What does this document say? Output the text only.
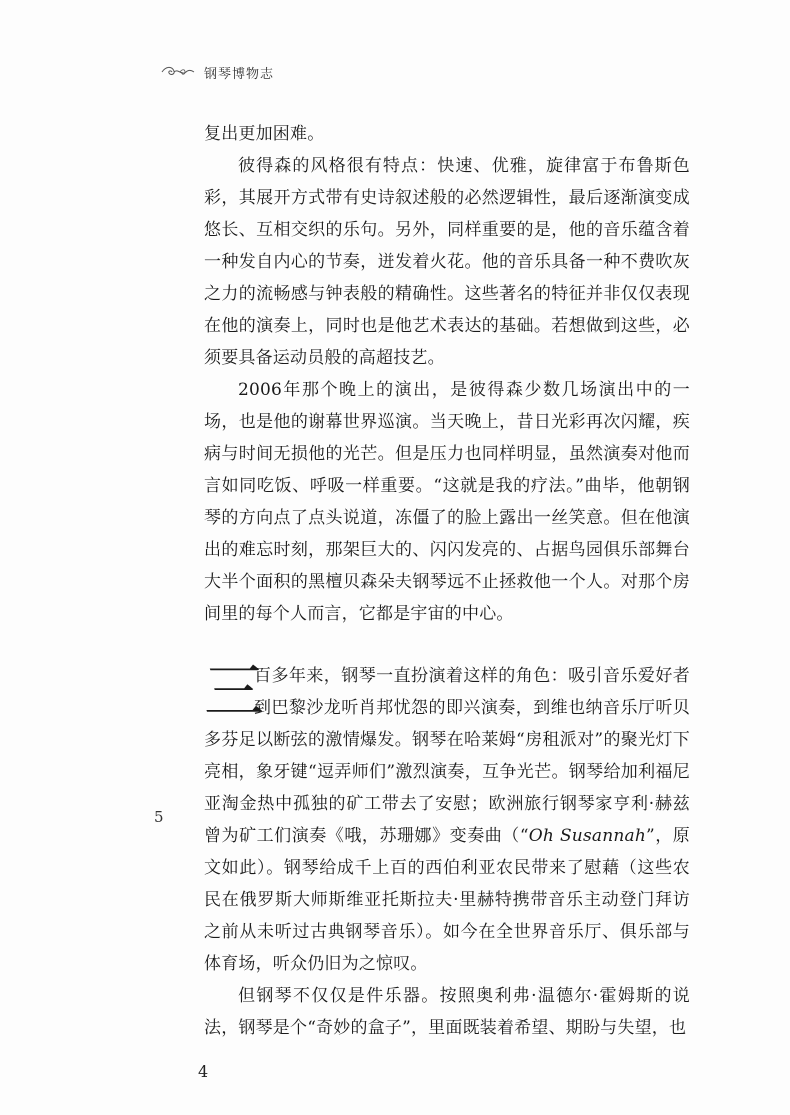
钢琴博物志

复出更加困难。

彼得森的风格很有特点：快速、优雅，旋律富于布鲁斯色彩，其展开方式带有史诗叙述般的必然逻辑性，最后逐渐演变成悠长、互相交织的乐句。另外，同样重要的是，他的音乐蕴含着一种发自内心的节奏，迸发着火花。他的音乐具备一种不费吹灰之力的流畅感与钟表般的精确性。这些著名的特征并非仅仅表现在他的演奏上，同时也是他艺术表达的基础。若想做到这些，必须要具备运动员般的高超技艺。

2006年那个晚上的演出，是彼得森少数几场演出中的一场，也是他的谢幕世界巡演。当天晚上，昔日光彩再次闪耀，疾病与时间无损他的光芒。但是压力也同样明显，虽然演奏对他而言如同吃饭、呼吸一样重要。“这就是我的疗法。”曲毕，他朝钢琴的方向点了点头说道，冻僵了的脸上露出一丝笑意。但在他演出的难忘时刻，那架巨大的、闪闪发亮的、占据鸟园俱乐部舞台大半个面积的黑檀贝森朵夫钢琴远不止拯救他一个人。对那个房间里的每个人而言，它都是宇宙的中心。

三
百多年来，钢琴一直扮演着这样的角色：吸引音乐爱好者到巴黎沙龙听肖邦忧怨的即兴演奏，到维也纳音乐厅听贝多芬足以断弦的激情爆发。钢琴在哈莱姆“房租派对”的聚光灯下亮相，象牙键“逗弄师们”激烈演奏，互争光芒。钢琴给加利福尼亚淘金热中孤独的矿工带去了安慰；欧洲旅行钢琴家亨利·赫兹曾为矿工们演奏《哦，苏珊娜》变奏曲（“Oh Susannah”，原文如此）。钢琴给成千上百的西伯利亚农民带来了慰藉（这些农民在俄罗斯大师斯维亚托斯拉夫·里赫特携带音乐主动登门拜访之前从未听过古典钢琴音乐）。如今在全世界音乐厅、俱乐部与体育场，听众仍旧为之惊叹。

但钢琴不仅仅是件乐器。按照奥利弗·温德尔·霍姆斯的说法，钢琴是个“奇妙的盒子”，里面既装着希望、期盼与失望，也

5
4
